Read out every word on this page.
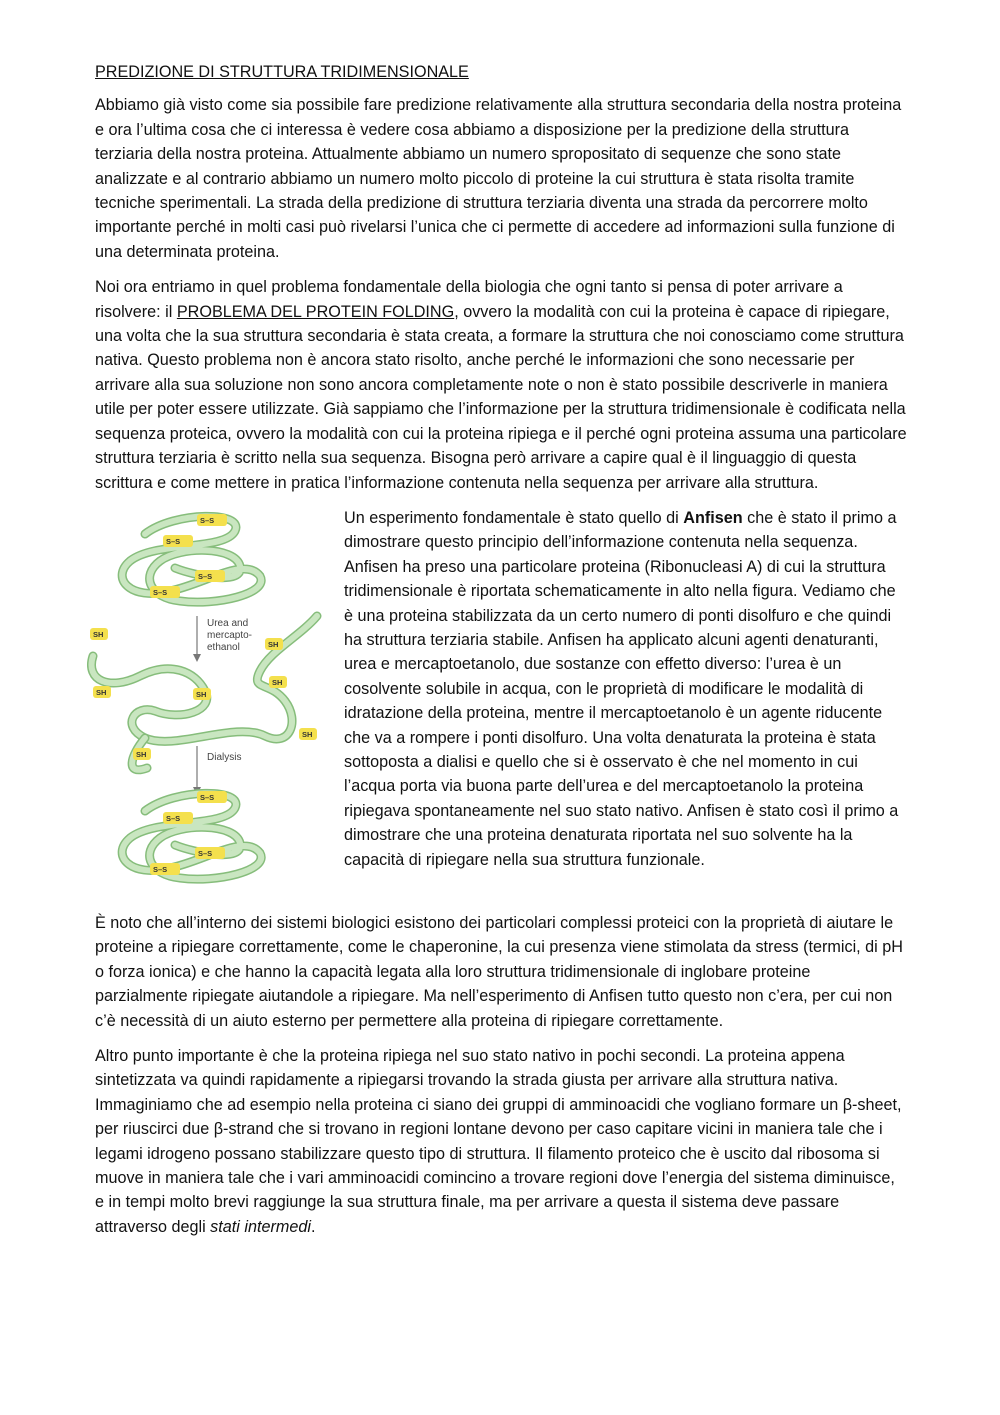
PREDIZIONE DI STRUTTURA TRIDIMENSIONALE

Abbiamo già visto come sia possibile fare predizione relativamente alla struttura secondaria della nostra proteina e ora l’ultima cosa che ci interessa è vedere cosa abbiamo a disposizione per la predizione della struttura terziaria della nostra proteina. Attualmente abbiamo un numero spropositato di sequenze che sono state analizzate e al contrario abbiamo un numero molto piccolo di proteine la cui struttura è stata risolta tramite tecniche sperimentali. La strada della predizione di struttura terziaria diventa una strada da percorrere molto importante perché in molti casi può rivelarsi l’unica che ci permette di accedere ad informazioni sulla funzione di una determinata proteina.

Noi ora entriamo in quel problema fondamentale della biologia che ogni tanto si pensa di poter arrivare a risolvere: il PROBLEMA DEL PROTEIN FOLDING, ovvero la modalità con cui la proteina è capace di ripiegare, una volta che la sua struttura secondaria è stata creata, a formare la struttura che noi conosciamo come struttura nativa. Questo problema non è ancora stato risolto, anche perché le informazioni che sono necessarie per arrivare alla sua soluzione non sono ancora completamente note o non è stato possibile descriverle in maniera utile per poter essere utilizzate. Già sappiamo che l’informazione per la struttura tridimensionale è codificata nella sequenza proteica, ovvero la modalità con cui la proteina ripiega e il perché ogni proteina assuma una particolare struttura terziaria è scritto nella sua sequenza. Bisogna però arrivare a capire qual è il linguaggio di questa scrittura e come mettere in pratica l’informazione contenuta nella sequenza per arrivare alla struttura.

S–S
S–S
S–S
S–S
Urea and
mercapto-
ethanol
SH
SH
SH	SH
SH
SH
SH	Dialysis
S–S
S–S
S–S
S–S

Un esperimento fondamentale è stato quello di Anfisen che è stato il primo a dimostrare questo principio dell’informazione contenuta nella sequenza. Anfisen ha preso una particolare proteina (Ribonucleasi A) di cui la struttura tridimensionale è riportata schematicamente in alto nella figura. Vediamo che è una proteina stabilizzata da un certo numero di ponti disolfuro e che quindi ha struttura terziaria stabile. Anfisen ha applicato alcuni agenti denaturanti, urea e mercaptoetanolo, due sostanze con effetto diverso: l’urea è un cosolvente solubile in acqua, con le proprietà di modificare le modalità di idratazione della proteina, mentre il mercaptoetanolo è un agente riducente che va a rompere i ponti disolfuro. Una volta denaturata la proteina è stata sottoposta a dialisi e quello che si è osservato è che nel momento in cui l’acqua porta via buona parte dell’urea e del mercaptoetanolo la proteina ripiegava spontaneamente nel suo stato nativo. Anfisen è stato così il primo a dimostrare che una proteina denaturata riportata nel suo solvente ha la capacità di ripiegare nella sua struttura funzionale.

È noto che all’interno dei sistemi biologici esistono dei particolari complessi proteici con la proprietà di aiutare le proteine a ripiegare correttamente, come le chaperonine, la cui presenza viene stimolata da stress (termici, di pH o forza ionica) e che hanno la capacità legata alla loro struttura tridimensionale di inglobare proteine parzialmente ripiegate aiutandole a ripiegare. Ma nell’esperimento di Anfisen tutto questo non c’era, per cui non c’è necessità di un aiuto esterno per permettere alla proteina di ripiegare correttamente.

Altro punto importante è che la proteina ripiega nel suo stato nativo in pochi secondi. La proteina appena sintetizzata va quindi rapidamente a ripiegarsi trovando la strada giusta per arrivare alla struttura nativa. Immaginiamo che ad esempio nella proteina ci siano dei gruppi di amminoacidi che vogliano formare un β-sheet, per riuscirci due β-strand che si trovano in regioni lontane devono per caso capitare vicini in maniera tale che i legami idrogeno possano stabilizzare questo tipo di struttura. Il filamento proteico che è uscito dal ribosoma si muove in maniera tale che i vari amminoacidi comincino a trovare regioni dove l’energia del sistema diminuisce, e in tempi molto brevi raggiunge la sua struttura finale, ma per arrivare a questa il sistema deve passare attraverso degli stati intermedi.
